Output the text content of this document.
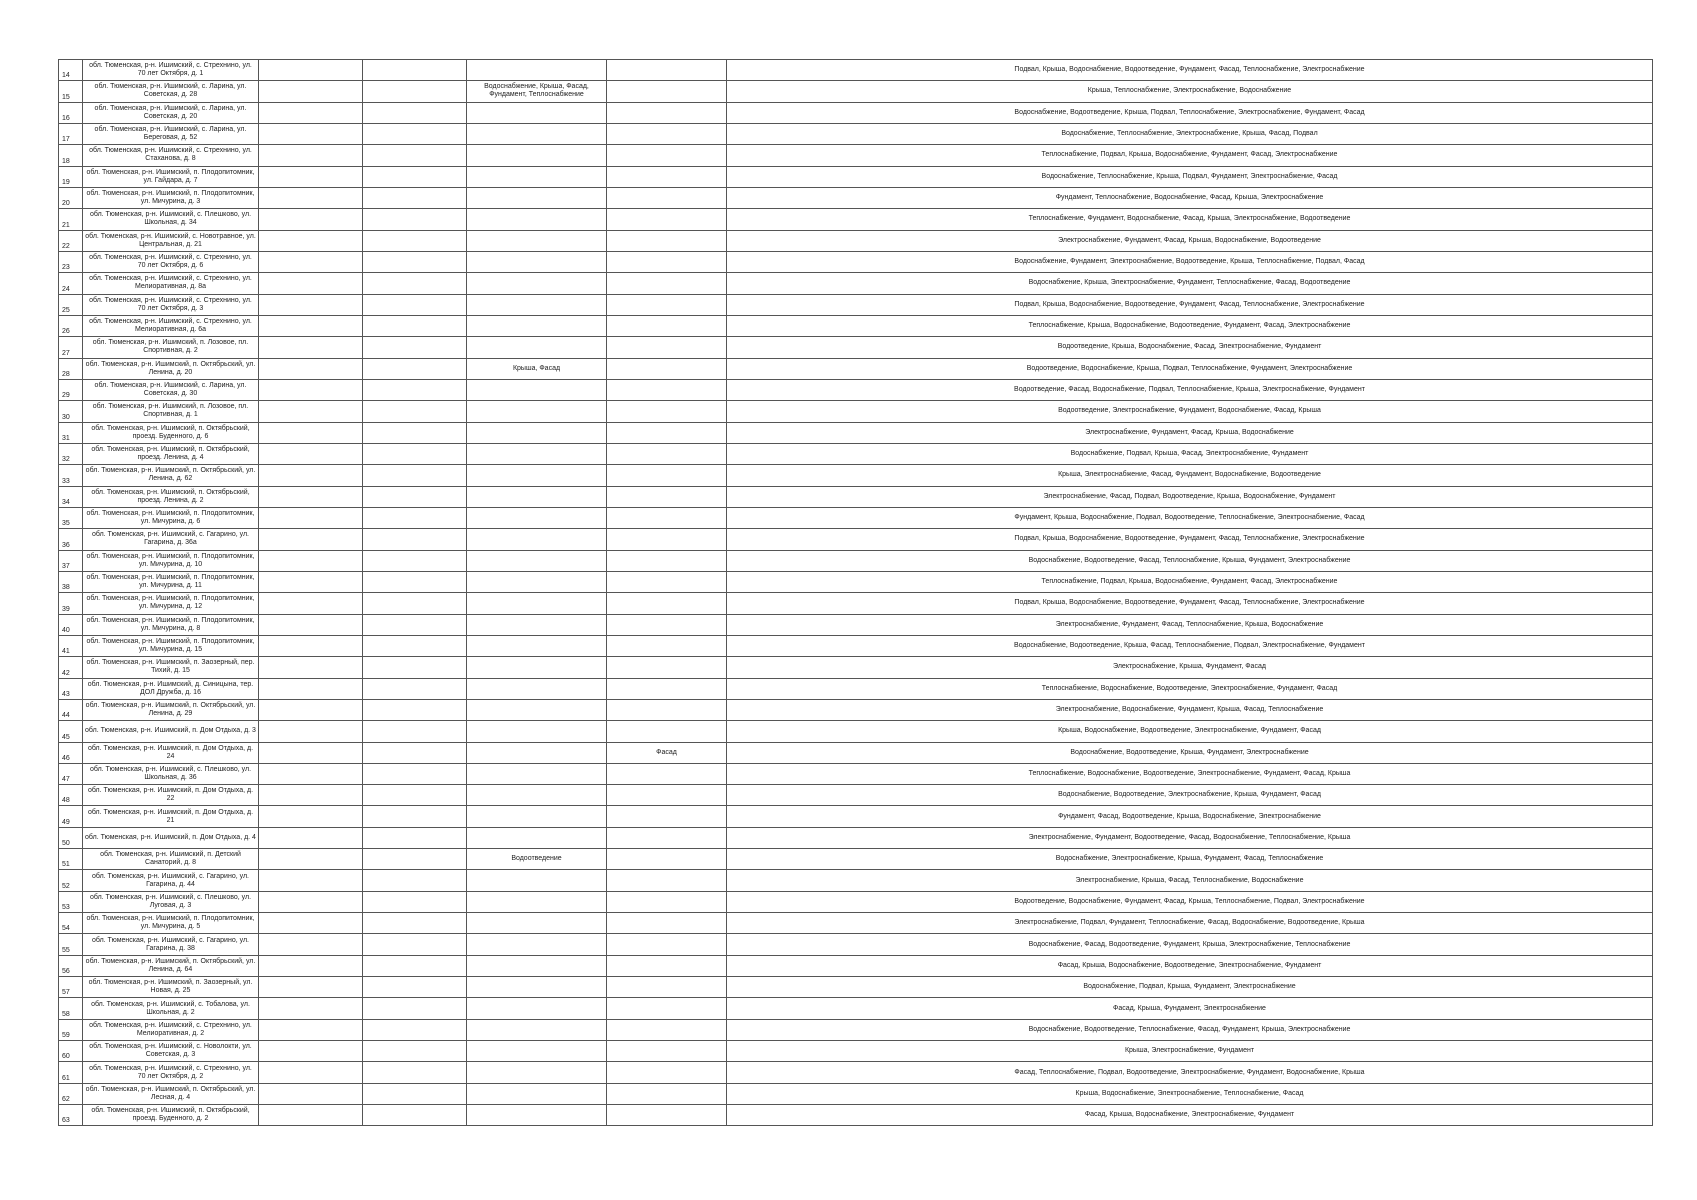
14	обл. Тюменская, р-н. Ишимский, с. Стрехнино, ул. 70 лет Октября, д. 1					Подвал, Крыша, Водоснабжение, Водоотведение, Фундамент, Фасад, Теплоснабжение, Электроснабжение
15	обл. Тюменская, р-н. Ишимский, с. Ларина, ул. Советская, д. 28			Водоснабжение, Крыша, Фасад, Фундамент, Теплоснабжение		Крыша, Теплоснабжение, Электроснабжение, Водоснабжение
16	обл. Тюменская, р-н. Ишимский, с. Ларина, ул. Советская, д. 20					Водоснабжение, Водоотведение, Крыша, Подвал, Теплоснабжение, Электроснабжение, Фундамент, Фасад
17	обл. Тюменская, р-н. Ишимский, с. Ларина, ул. Береговая, д. 52					Водоснабжение, Теплоснабжение, Электроснабжение, Крыша, Фасад, Подвал
18	обл. Тюменская, р-н. Ишимский, с. Стрехнино, ул. Стаханова, д. 8					Теплоснабжение, Подвал, Крыша, Водоснабжение, Фундамент, Фасад, Электроснабжение
19	обл. Тюменская, р-н. Ишимский, п. Плодопитомник, ул. Гайдара, д. 7					Водоснабжение, Теплоснабжение, Крыша, Подвал, Фундамент, Электроснабжение, Фасад
20	обл. Тюменская, р-н. Ишимский, п. Плодопитомник, ул. Мичурина, д. 3					Фундамент, Теплоснабжение, Водоснабжение, Фасад, Крыша, Электроснабжение
21	обл. Тюменская, р-н. Ишимский, с. Плешково, ул. Школьная, д. 34					Теплоснабжение, Фундамент, Водоснабжение, Фасад, Крыша, Электроснабжение, Водоотведение
22	обл. Тюменская, р-н. Ишимский, с. Новотравное, ул. Центральная, д. 21					Электроснабжение, Фундамент, Фасад, Крыша, Водоснабжение, Водоотведение
23	обл. Тюменская, р-н. Ишимский, с. Стрехнино, ул. 70 лет Октября, д. 6					Водоснабжение, Фундамент, Электроснабжение, Водоотведение, Крыша, Теплоснабжение, Подвал, Фасад
24	обл. Тюменская, р-н. Ишимский, с. Стрехнино, ул. Мелиоративная, д. 8а					Водоснабжение, Крыша, Электроснабжение, Фундамент, Теплоснабжение, Фасад, Водоотведение
25	обл. Тюменская, р-н. Ишимский, с. Стрехнино, ул. 70 лет Октября, д. 3					Подвал, Крыша, Водоснабжение, Водоотведение, Фундамент, Фасад, Теплоснабжение, Электроснабжение
26	обл. Тюменская, р-н. Ишимский, с. Стрехнино, ул. Мелиоративная, д. 6а					Теплоснабжение, Крыша, Водоснабжение, Водоотведение, Фундамент, Фасад, Электроснабжение
27	обл. Тюменская, р-н. Ишимский, п. Лозовое, пл. Спортивная, д. 2					Водоотведение, Крыша, Водоснабжение, Фасад, Электроснабжение, Фундамент
28	обл. Тюменская, р-н. Ишимский, п. Октябрьский, ул. Ленина, д. 20			Крыша, Фасад		Водоотведение, Водоснабжение, Крыша, Подвал, Теплоснабжение, Фундамент, Электроснабжение
29	обл. Тюменская, р-н. Ишимский, с. Ларина, ул. Советская, д. 30					Водоотведение, Фасад, Водоснабжение, Подвал, Теплоснабжение, Крыша, Электроснабжение, Фундамент
30	обл. Тюменская, р-н. Ишимский, п. Лозовое, пл. Спортивная, д. 1					Водоотведение, Электроснабжение, Фундамент, Водоснабжение, Фасад, Крыша
31	обл. Тюменская, р-н. Ишимский, п. Октябрьский, проезд. Буденного, д. 6					Электроснабжение, Фундамент, Фасад, Крыша, Водоснабжение
32	обл. Тюменская, р-н. Ишимский, п. Октябрьский, проезд. Ленина, д. 4					Водоснабжение, Подвал, Крыша, Фасад, Электроснабжение, Фундамент
33	обл. Тюменская, р-н. Ишимский, п. Октябрьский, ул. Ленина, д. 62					Крыша, Электроснабжение, Фасад, Фундамент, Водоснабжение, Водоотведение
34	обл. Тюменская, р-н. Ишимский, п. Октябрьский, проезд. Ленина, д. 2					Электроснабжение, Фасад, Подвал, Водоотведение, Крыша, Водоснабжение, Фундамент
35	обл. Тюменская, р-н. Ишимский, п. Плодопитомник, ул. Мичурина, д. 6					Фундамент, Крыша, Водоснабжение, Подвал, Водоотведение, Теплоснабжение, Электроснабжение, Фасад
36	обл. Тюменская, р-н. Ишимский, с. Гагарино, ул. Гагарина, д. 36а					Подвал, Крыша, Водоснабжение, Водоотведение, Фундамент, Фасад, Теплоснабжение, Электроснабжение
37	обл. Тюменская, р-н. Ишимский, п. Плодопитомник, ул. Мичурина, д. 10					Водоснабжение, Водоотведение, Фасад, Теплоснабжение, Крыша, Фундамент, Электроснабжение
38	обл. Тюменская, р-н. Ишимский, п. Плодопитомник, ул. Мичурина, д. 11					Теплоснабжение, Подвал, Крыша, Водоснабжение, Фундамент, Фасад, Электроснабжение
39	обл. Тюменская, р-н. Ишимский, п. Плодопитомник, ул. Мичурина, д. 12					Подвал, Крыша, Водоснабжение, Водоотведение, Фундамент, Фасад, Теплоснабжение, Электроснабжение
40	обл. Тюменская, р-н. Ишимский, п. Плодопитомник, ул. Мичурина, д. 8					Электроснабжение, Фундамент, Фасад, Теплоснабжение, Крыша, Водоснабжение
41	обл. Тюменская, р-н. Ишимский, п. Плодопитомник, ул. Мичурина, д. 15					Водоснабжение, Водоотведение, Крыша, Фасад, Теплоснабжение, Подвал, Электроснабжение, Фундамент
42	обл. Тюменская, р-н. Ишимский, п. Заозерный, пер. Тихий, д. 15					Электроснабжение, Крыша, Фундамент, Фасад
43	обл. Тюменская, р-н. Ишимский, д. Синицына, тер. ДОЛ Дружба, д. 16					Теплоснабжение, Водоснабжение, Водоотведение, Электроснабжение, Фундамент, Фасад
44	обл. Тюменская, р-н. Ишимский, п. Октябрьский, ул. Ленина, д. 29					Электроснабжение, Водоснабжение, Фундамент, Крыша, Фасад, Теплоснабжение
45	обл. Тюменская, р-н. Ишимский, п. Дом Отдыха, д. 3					Крыша, Водоснабжение, Водоотведение, Электроснабжение, Фундамент, Фасад
46	обл. Тюменская, р-н. Ишимский, п. Дом Отдыха, д. 24				Фасад	Водоснабжение, Водоотведение, Крыша, Фундамент, Электроснабжение
47	обл. Тюменская, р-н. Ишимский, с. Плешково, ул. Школьная, д. 36					Теплоснабжение, Водоснабжение, Водоотведение, Электроснабжение, Фундамент, Фасад, Крыша
48	обл. Тюменская, р-н. Ишимский, п. Дом Отдыха, д. 22					Водоснабжение, Водоотведение, Электроснабжение, Крыша, Фундамент, Фасад
49	обл. Тюменская, р-н. Ишимский, п. Дом Отдыха, д. 21					Фундамент, Фасад, Водоотведение, Крыша, Водоснабжение, Электроснабжение
50	обл. Тюменская, р-н. Ишимский, п. Дом Отдыха, д. 4					Электроснабжение, Фундамент, Водоотведение, Фасад, Водоснабжение, Теплоснабжение, Крыша
51	обл. Тюменская, р-н. Ишимский, п. Детский Санаторий, д. 8			Водоотведение		Водоснабжение, Электроснабжение, Крыша, Фундамент, Фасад, Теплоснабжение
52	обл. Тюменская, р-н. Ишимский, с. Гагарино, ул. Гагарина, д. 44					Электроснабжение, Крыша, Фасад, Теплоснабжение, Водоснабжение
53	обл. Тюменская, р-н. Ишимский, с. Плешково, ул. Луговая, д. 3					Водоотведение, Водоснабжение, Фундамент, Фасад, Крыша, Теплоснабжение, Подвал, Электроснабжение
54	обл. Тюменская, р-н. Ишимский, п. Плодопитомник, ул. Мичурина, д. 5					Электроснабжение, Подвал, Фундамент, Теплоснабжение, Фасад, Водоснабжение, Водоотведение, Крыша
55	обл. Тюменская, р-н. Ишимский, с. Гагарино, ул. Гагарина, д. 38					Водоснабжение, Фасад, Водоотведение, Фундамент, Крыша, Электроснабжение, Теплоснабжение
56	обл. Тюменская, р-н. Ишимский, п. Октябрьский, ул. Ленина, д. 64					Фасад, Крыша, Водоснабжение, Водоотведение, Электроснабжение, Фундамент
57	обл. Тюменская, р-н. Ишимский, п. Заозерный, ул. Новая, д. 25					Водоснабжение, Подвал, Крыша, Фундамент, Электроснабжение
58	обл. Тюменская, р-н. Ишимский, с. Тобалова, ул. Школьная, д. 2					Фасад, Крыша, Фундамент, Электроснабжение
59	обл. Тюменская, р-н. Ишимский, с. Стрехнино, ул. Мелиоративная, д. 2					Водоснабжение, Водоотведение, Теплоснабжение, Фасад, Фундамент, Крыша, Электроснабжение
60	обл. Тюменская, р-н. Ишимский, с. Новолокти, ул. Советская, д. 3					Крыша, Электроснабжение, Фундамент
61	обл. Тюменская, р-н. Ишимский, с. Стрехнино, ул. 70 лет Октября, д. 2					Фасад, Теплоснабжение, Подвал, Водоотведение, Электроснабжение, Фундамент, Водоснабжение, Крыша
62	обл. Тюменская, р-н. Ишимский, п. Октябрьский, ул. Лесная, д. 4					Крыша, Водоснабжение, Электроснабжение, Теплоснабжение, Фасад
63	обл. Тюменская, р-н. Ишимский, п. Октябрьский, проезд. Буденного, д. 2					Фасад, Крыша, Водоснабжение, Электроснабжение, Фундамент
